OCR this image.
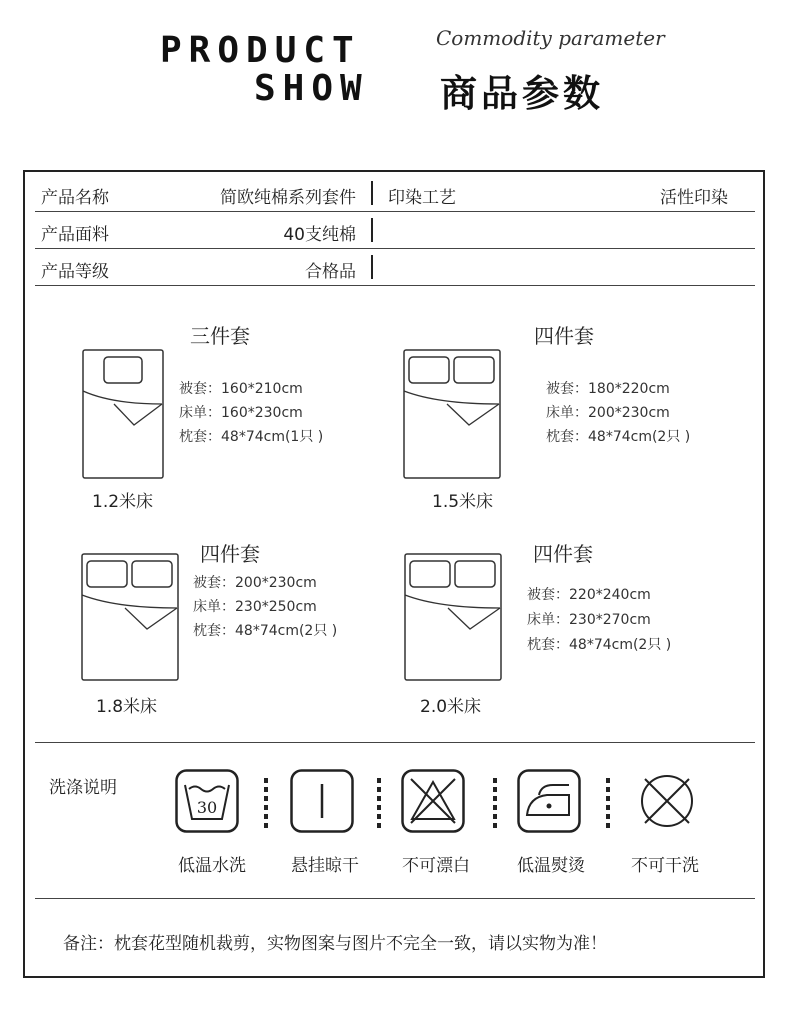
PRODUCT
SHOW
Commodity parameter
商品参数
产品名称	简欧纯棉系列套件 印染工艺	活性印染
产品面料	40支纯棉
产品等级	合格品
三件套
被套：160*210cm
床单：160*230cm
枕套：48*74cm(1只 )
1.2米床
四件套
被套：180*220cm
床单：200*230cm
枕套：48*74cm(2只 )
1.5米床
四件套
被套：200*230cm
床单：230*250cm
枕套：48*74cm(2只 )
1.8米床
四件套
被套：220*240cm
床单：230*270cm
枕套：48*74cm(2只 )
2.0米床
洗涤说明
30
低温水洗	悬挂晾干	不可漂白	低温熨烫	不可干洗
备注：枕套花型随机裁剪，实物图案与图片不完全一致，请以实物为准！
